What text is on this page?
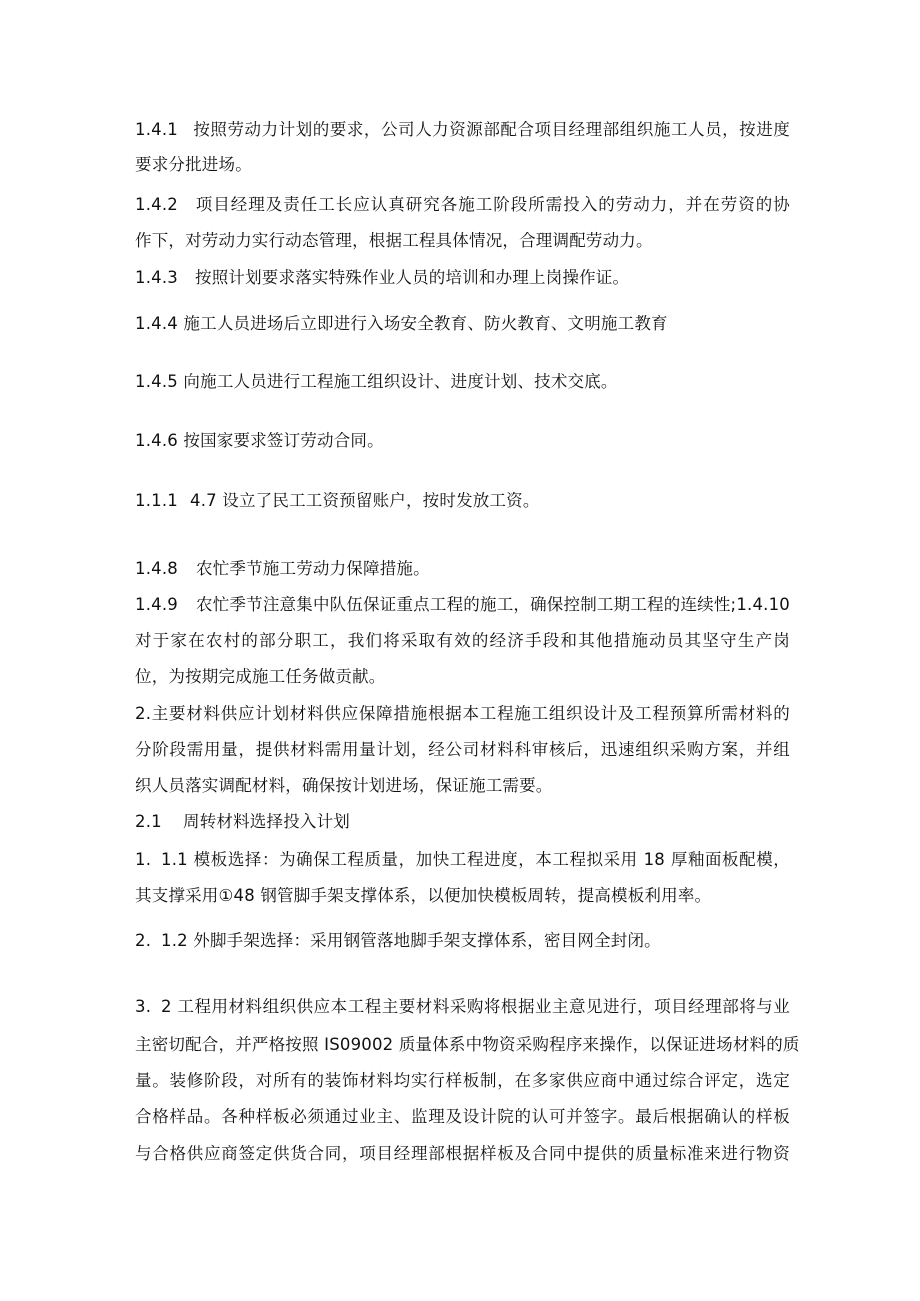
1.4.1 按照劳动力计划的要求，公司人力资源部配合项目经理部组织施工人员，按进度
要求分批进场。
1.4.2 项目经理及责任工长应认真研究各施工阶段所需投入的劳动力，并在劳资的协
作下，对劳动力实行动态管理，根据工程具体情况，合理调配劳动力。
1.4.3 按照计划要求落实特殊作业人员的培训和办理上岗操作证。
1.4.4 施工人员进场后立即进行入场安全教育、防火教育、文明施工教育
1.4.5 向施工人员进行工程施工组织设计、进度计划、技术交底。
1.4.6 按国家要求签订劳动合同。
1.1.1 4.7 设立了民工工资预留账户，按时发放工资。
1.4.8 农忙季节施工劳动力保障措施。
1.4.9 农忙季节注意集中队伍保证重点工程的施工，确保控制工期工程的连续性;1.4.10
对于家在农村的部分职工，我们将采取有效的经济手段和其他措施动员其坚守生产岗
位，为按期完成施工任务做贡献。
2.主要材料供应计划材料供应保障措施根据本工程施工组织设计及工程预算所需材料的
分阶段需用量，提供材料需用量计划，经公司材料科审核后，迅速组织采购方案，并组
织人员落实调配材料，确保按计划进场，保证施工需要。
2.1 周转材料选择投入计划
1. 1.1 模板选择：为确保工程质量，加快工程进度，本工程拟采用 18 厚釉面板配模，
其支撑采用①48 钢管脚手架支撑体系，以便加快模板周转，提高模板利用率。
2. 1.2 外脚手架选择：采用钢管落地脚手架支撑体系，密目网全封闭。
3. 2 工程用材料组织供应本工程主要材料采购将根据业主意见进行，项目经理部将与业
主密切配合，并严格按照 IS09002 质量体系中物资采购程序来操作，以保证进场材料的质
量。装修阶段，对所有的装饰材料均实行样板制，在多家供应商中通过综合评定，选定
合格样品。各种样板必须通过业主、监理及设计院的认可并签字。最后根据确认的样板
与合格供应商签定供货合同，项目经理部根据样板及合同中提供的质量标准来进行物资
